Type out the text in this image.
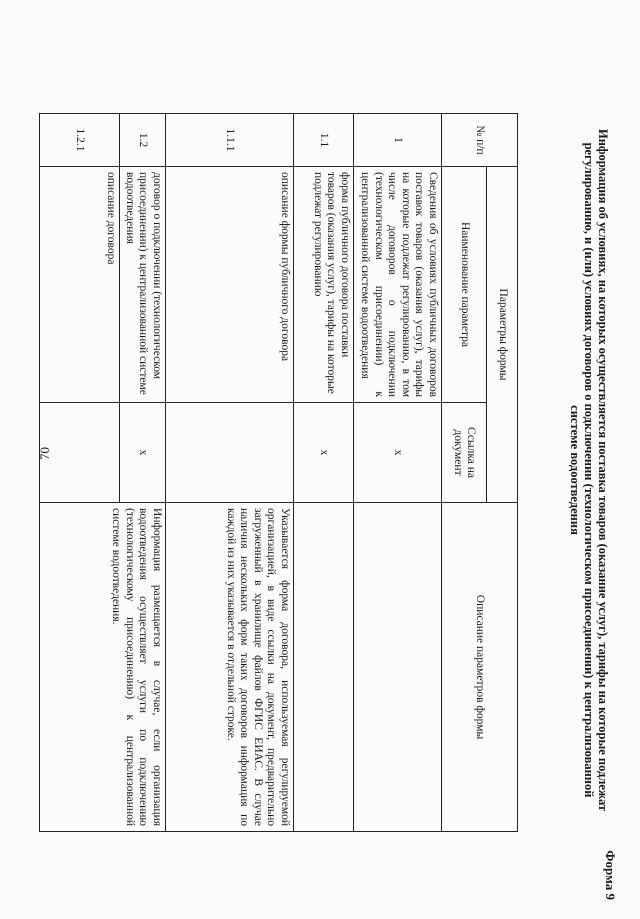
Форма 9
Информация об условиях, на которых осуществляется поставка товаров (оказание услуг), тарифы на которые подлежат регулированию, и (или) условиях договоров о подключении (технологическом присоединении) к централизованной системе водоотведения
№ п/п	Параметры формы		Описание параметров формы
	Наименование параметра	Ссылка на документ	
1	Сведения об условиях публичных договоров поставок товаров (оказания услуг), тарифы на которые подлежат регулированию, в том числе договоров о подключении (технологическом присоединении) к централизованной системе водоотведения	x	
1.1	форма публичного договора поставки товаров (оказания услуг), тарифы на которые подлежат регулированию	x	
1.1.1	описание формы публичного договора		Указывается форма договора, используемая регулируемой организацией, в виде ссылки на документ, предварительно загруженный в хранилище файлов ФГИС ЕИАС. В случае наличия нескольких форм таких договоров информация по каждой из них указывается в отдельной строке.
1.2	договор о подключении (технологическом присоединении) к централизованной системе водоотведения	x	Информация размещается в случае, если организация водоотведения осуществляет услуги по подключению (технологическому присоединению) к централизованной системе водоотведения.
1.2.1	описание договора		
70
